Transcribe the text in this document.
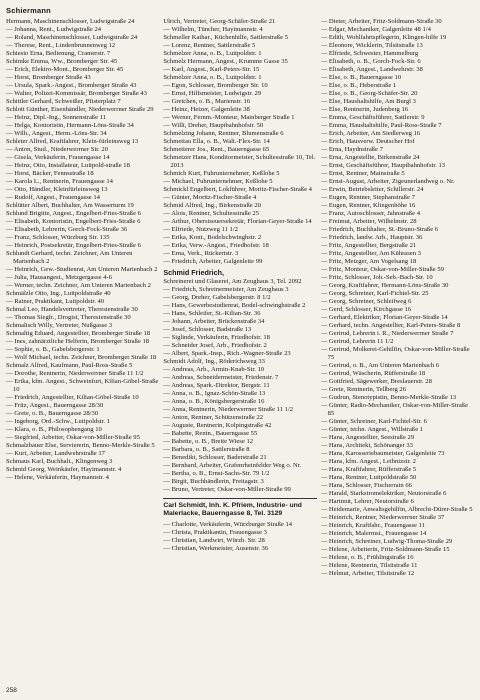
Schiermann
Hermann, Maschinenschlosser, Ludwigstraße 24
— Johanna, Rent., Ludwigstraße 24
— Roland, Maschinenschlosser, Ludwigstraße 24
— Therese, Rent., Lindenbrunnenweg 12
Schiesio Erna, Bedienung, Cramerstr. 7
Schimke Emma, Ww., Bromberger Str. 45
— Erich, Elektro-Mont., Bromberger Str. 45
— Horst, Bromberger Straße 43
— Ursula, Spark.-Angest., Bromberger Straße 43
— Walter, Polizei-Kommissär, Bromberger Straße 43
Schittler Gerhard, Schweißer, Pfisterplatz 7
Schlott Günther, Eisenhändler, Niederwerrner Straße 29
— Heinz, Dipl.-Ing., Sonnenstraße 11
— Helga, Kontoristin, Hermann-Löns-Straße 34
— Wilh., Angest., Herm.-Löns-Str. 34
Schleter Alfred, Kraftfahrer, Klein-fürleinsweg 13
— Anton, Stud., Niederwerrner Str. 20
— Gisela, Verkäuferin, Frauengasse 14
— Heinz, Otto, Installateur, Luitpold-straße 18
— Horst, Bäcker, Fennsstraße 18
— Karola L., Rentnerin, Frauengasse 14
— Otto, Händler, Kleinfürleinsweg 13
— Rudolf, Angest., Frauengasse 14
Schlütter Albert, Buchhalter, Am Wasserturm 19
Schlund Brigitte, Angest., Engelbert-Fries-Straße 6
— Elisabeth, Kontoristin, Engelbert-Fries-Straße 6
— Elisabeth, Lehrerin, Gorch-Fock-Straße 36
— Franz, Schlosser, Würzburg Str. 135
— Heinrich, Postsekretär, Engelbert-Fries-Straße 6
Schlundt Gerhard, techn. Zeichner, Am Unteren Marienbach 2
— Heinrich, Gew.-Studienrat, Am Unteren Marienbach 2
— Julia, Hausangest., Metzgergasse 4-6
— Werner, techn. Zeichner, Am Unteren Marienbach 2
Schmälzle Otto, Ing., Luitpoldstraße 40
— Rainer, Praktikant, Luitpoldstr. 40
Schmal Leo, Handelsvertreter, Theresienstraße 30
— Thomas Siegfr., Drogist, Theresienstraße 30
Schmalisch Willy, Vertreter, Nußgasse 3
Schmaltig Eduard, Angestellter, Bromberger Straße 18
— Ines, zahnärztliche Helferin, Bromberger Straße 18
— Sophie, o. B., Gabelsbergerstr. 1
— Wolf Michael, techn. Zeichner, Bromberger Straße 18
Schmalz Alfred, Kaufmann, Paul-Ross-Straße 5
— Dorothe, Rentnerin, Niederwerrner Straße 11 1/2
— Erika, kfm. Angest., Schweinfurt, Kilian-Göbel-Straße 10
— Friedrich, Angestellter, Kilian-Göbel-Straße 10
— Fritz, Angest., Bauerngasse 28/30
— Grete, o. B., Bauerngasse 28/30
— Ingeborg, Ord.-Schw., Luitpoldstr. 1
— Klara, o. B., Philosophengang 10
— Siegfried, Arbeiter, Oskar-von-Miller-Straße 95
Schmalzbauer Else, Serviererin, Benno-Merkle-Straße 5
— Kurt, Arbeiter, Landwehrstraße 17
Schmaus Karl, Buchhalt., Klingenweg 3
Schmid Georg, Weinkäufer, Hayimannstr. 4
— Helene, Verkäuferin, Haymannstr. 4
Ulrich, Vertreter, Georg-Schäfer-Straße 21
— Wilhelm, Tüncher, Hayimannstr. 4
Schmeller Kathar., Küchenhilfe, Sattlerstraße 5
— Lorenz, Rentner, Sattlerstraße 5
Schmelzer Anna, o. B., Luitpoldstr. 1
Schmelz Hermann, Angest., Krumme Gasse 35
— Karl, Angest., Karl-Peters-Str. 15
Schmelzer Anna, o. B., Luitpoldstr. 1
— Egon, Schlosser, Bromberger Str. 10
— Ernst, Hilfsmeister, Ludwigstr. 29
— Gretchen, o. B., Marienstr. 16
— Heinz, Heizer, Galgenleite 38
— Werner, Fernm.-Monteur, Mainberger Straße 1
— Willi, Dreher, Hauptbahnhofstr. 50
Schmelzing Johann, Rentner, Blumenstraße 6
Schmettau Ella, o. B., Walt.-Flex-Str. 14
Schmetterer Jos., Rent., Bauerngasse 65
Schmetzer Hans, Konditormeister, Schultesstraße 10, Tel. 2013
Schmich Kurt, Fuhrunternehmer, Keßlohe 5
— Michael, Fuhrunternehmer, Keßlohe 5
Schmickl Engelbert, Lokführer, Moritz-Fischer-Straße 4
— Günter, Moritz-Fischer-Straße 4
Schmid Alfred, Ing., Birkenstraße 20
— Alois, Rentner, Schultesstraße 25
— Arthur, Oberstseuersekretär, Florian-Geyer-Straße 14
— Elfriede, Nutzweg 11 1/2
— Erika, Kont., Bodelschwinghstr. 2
— Erika, Verw.-Angest., Friedhofstr. 18
— Erna, Verk., Rückertstr. 3
— Friedrich, Arbeiter, Galgenleite 99
Schmid Friedrich,
Schreinerei und Glaserei, Am Zeughaus 3, Tel. 2092
— Friedrich, Schreinermeister, Am Zeughaus 3
— Georg, Dreher, Gabelsbergerstr. 8 1/2
— Hans, Gewerbestudienrat, Bodel-schwinghstraße 2
— Hans, Schleifer, St.-Kilian-Str. 36
— Johann, Arbeiter, Brückenstraße 34
— Josef, Schlosser, Badstraße 13
— Siglinde, Verkäuferin, Friedhofstr. 18
— Schneider Josef, Arb., Friedhofstr. 2
— Albert, Spark.-Insp., Rich.-Wagner-Straße 23
Schmidt Adolf, Ing., Röderichsweg 33
— Andreas, Arb., Armin-Knab-Str. 10
— Andreas, Schneidermeister, Friedenstr. 7
— Andreas, Spark.-Direktor, Bergstr. 11
— Anna, o. B., Ignaz-Schön-Straße 13
— Anna, o. B., Königsbergerstraße 16
— Anna, Rentnerin, Niederwerrner Straße 11 1/2
— Anton, Rentner, Schützenstraße 22
— Auguste, Rentnerin, Kolpingstraße 42
— Babette, Rentn., Bauerngasse 55
— Babette, o. B., Breite Wiese 12
— Barbara, o. B., Sattlerstraße 8
— Benedikt, Schlosser, Baderstraße 21
— Bernhard, Arbeiter, Grafenrheinfelder Weg o. Nr.
— Bertha, o. B., Ernst-Sachs-Str. 79 1/2
— Birgit, Buchhändlerin, Freitagstr. 3
— Bruno, Vertreter, Oskar-von-Miller-Straße 99
Carl Schmidt, Inh. K. Pfriem, Industrie- und Malerlacke, Bauerngasse 8, Tel. 3129
— Charlotte, Verkäuferin, Würzburger Straße 14
— Christa, Praktikantin, Frauengasse 3
— Christian, Landwirt, Würzb. Str. 28
— Christian, Werkmeister, Ausenstr. 36
— Dieter, Arbeiter, Fritz-Soldmann-Straße 30
— Edgar, Mechaniker, Galgenleite 48 1/4
— Edith, Wohlfahrtspflegerin, Klingen-hilfe 19
— Eleonore, Wicklerin, Tilsitstraße 13
— Elfriede, Schwester, Hammelburg
— Elisabeth, o. B., Gorch-Fock-Str. 6
— Elisabeth, Angest., Landwehrstr. 38
— Else, o. B., Bauerngasse 10
— Else, o. B., Heberstraße 1
— Else, o. B., Georg-Schäfer-Str. 20
— Else, Haushaltshilfe, Am Burgl 3
— Else, Rentnerin, Judenberg 16
— Emma, Geschäftsführer, Sattlerstr. 9
— Emma, Haushaltshilfe, Paul-Ross-Straße 7
— Erich, Arbeiter, Am Siedlerweg 16
— Erich, Hausverw. Deutscher Hof
— Erna, Haydnstraße 7
— Erna, Angestellte, Birkenstraße 24
— Ernst, Geschäftsführer, Hauptbahnhofstr. 13
— Ernst, Rentner, Mainstraße 5
— Ernst-August, Arbeiter, Zigeunerlandweg o. Nr.
— Erwin, Betriebsleiter, Schillerstr. 24
— Eugen, Rentner, Stephanstraße 7
— Eugen, Rentner, Klingenhöhe 16
— Franz, Autoschlosser, Jahnstraße 4
— Freimut, Arbeiter, Wilhelmstr. 28
— Friedrich, Buchhalter, St.-Bruno-Straße 6
— Friedrich, landw. Arb., Hauptstr. 36
— Fritz, Angestellter, Bergstraße 21
— Fritz, Angestellter, Am Kührasen 3
— Fritz, Metzger, Am Vogelsang 18
— Fritz, Monteur, Oskar-von-Miller-Straße 59
— Fritz, Schlosser, Joh.-Seb.-Bach-Str. 10
— Georg, Kraftfahrer, Hermann-Löns-Straße 30
— Georg, Schreiner, Karl-Fichtel-Str. 25
— Georg, Schreiner, Schleifweg 6
— Gerd, Schlosser, Kirchgasse 16
— Gerhard, Elektriker, Florian-Geyer-Straße 14
— Gerhard, techn. Angestellter, Karl-Peters-Straße 8
— Gertrud, Lehrerin i. R., Niederwerrner Straße 7
— Gertrud, Lehrerin 11 1/2
— Gertrud, Molkerei-Gehilfin, Oskar-von-Miller-Straße 75
— Gertrud, o. B., Am Unteren Marienbach 6
— Gertrud, Wäscherin, Rüfferstraße 18
— Gottfried, Sägewerker, Breslauerstr. 28
— Grete, Rentnerin, Tellberg 26
— Gudrun, Stenotypistin, Benno-Merkle-Straße 13
— Günter, Radio-Mechaniker, Oskar-von-Miller-Straße 85
— Günter, Schreiner, Karl-Fichtel-Str. 6
— Günter, techn. Angest., Willstraße 1
— Hans, Angestellter, Seestraße 29
— Hans, Architekt, Schönanger 33
— Hans, Karosseriebaumeister, Galgenleite 73
— Hans, kfm. Angest., Leibnizstr. 2
— Hans, Kraftfahrer, Rüfferstraße 5
— Hans, Rentner, Luitpoldstraße 50
— Hans, Schlosser, Fischerrain 66
— Harald, Starkstromelektriker, Neutorstraße 6
— Hartmut, Lehrer, Neutorstraße 6
— Heidemarie, Anwaltsgehilfin, Albrecht-Dürer-Straße 5
— Heinrich, Rentner, Niederwerrner Straße 37
— Heinrich, Kraftfahr., Frauengasse 11
— Heinrich, Malermst., Frauengasse 14
— Heinrich, Schreiner, Ludwig-Thoma-Straße 29
— Helene, Arbeiterin, Fritz-Soldmann-Straße 15
— Helene, o. B., Frühlingstraße 16
— Helene, Rentnerin, Tilsitstraße 11
— Helmut, Arbeiter, Tilsitstraße 12
258
